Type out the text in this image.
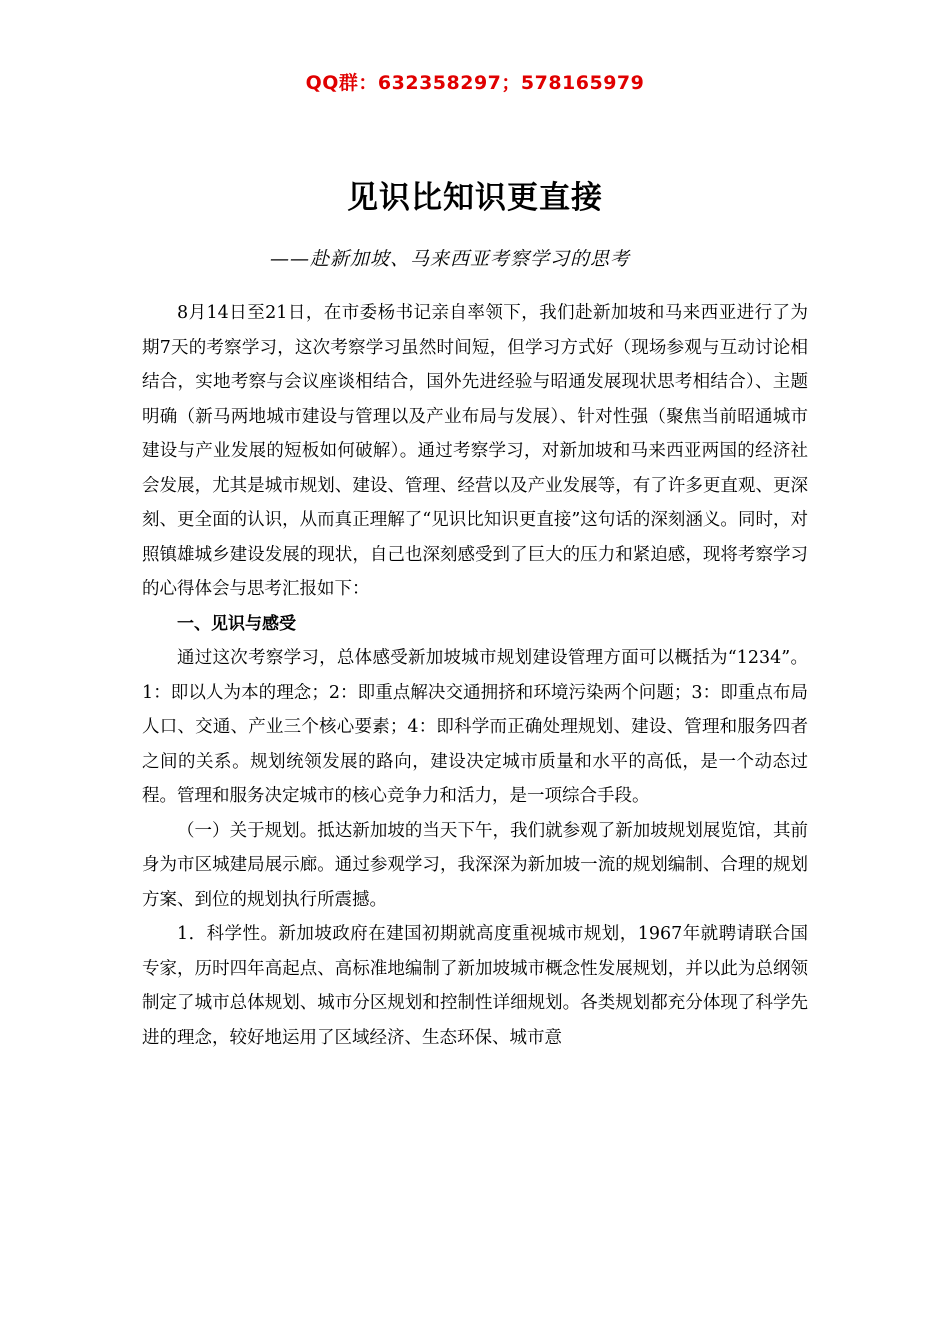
QQ群：632358297；578165979
见识比知识更直接
——赴新加坡、马来西亚考察学习的思考

8月14日至21日，在市委杨书记亲自率领下，我们赴新加坡和马来西亚进行了为期7天的考察学习，这次考察学习虽然时间短，但学习方式好（现场参观与互动讨论相结合，实地考察与会议座谈相结合，国外先进经验与昭通发展现状思考相结合）、主题明确（新马两地城市建设与管理以及产业布局与发展）、针对性强（聚焦当前昭通城市建设与产业发展的短板如何破解）。通过考察学习，对新加坡和马来西亚两国的经济社会发展，尤其是城市规划、建设、管理、经营以及产业发展等，有了许多更直观、更深刻、更全面的认识，从而真正理解了“见识比知识更直接”这句话的深刻涵义。同时，对照镇雄城乡建设发展的现状，自己也深刻感受到了巨大的压力和紧迫感，现将考察学习的心得体会与思考汇报如下：

一、见识与感受

通过这次考察学习，总体感受新加坡城市规划建设管理方面可以概括为“1234”。1：即以人为本的理念；2：即重点解决交通拥挤和环境污染两个问题；3：即重点布局人口、交通、产业三个核心要素；4：即科学而正确处理规划、建设、管理和服务四者之间的关系。规划统领发展的路向，建设决定城市质量和水平的高低，是一个动态过程。管理和服务决定城市的核心竞争力和活力，是一项综合手段。

（一）关于规划。抵达新加坡的当天下午，我们就参观了新加坡规划展览馆，其前身为市区城建局展示廊。通过参观学习，我深深为新加坡一流的规划编制、合理的规划方案、到位的规划执行所震撼。

1．科学性。新加坡政府在建国初期就高度重视城市规划，1967年就聘请联合国专家，历时四年高起点、高标准地编制了新加坡城市概念性发展规划，并以此为总纲领制定了城市总体规划、城市分区规划和控制性详细规划。各类规划都充分体现了科学先进的理念，较好地运用了区域经济、生态环保、城市意
